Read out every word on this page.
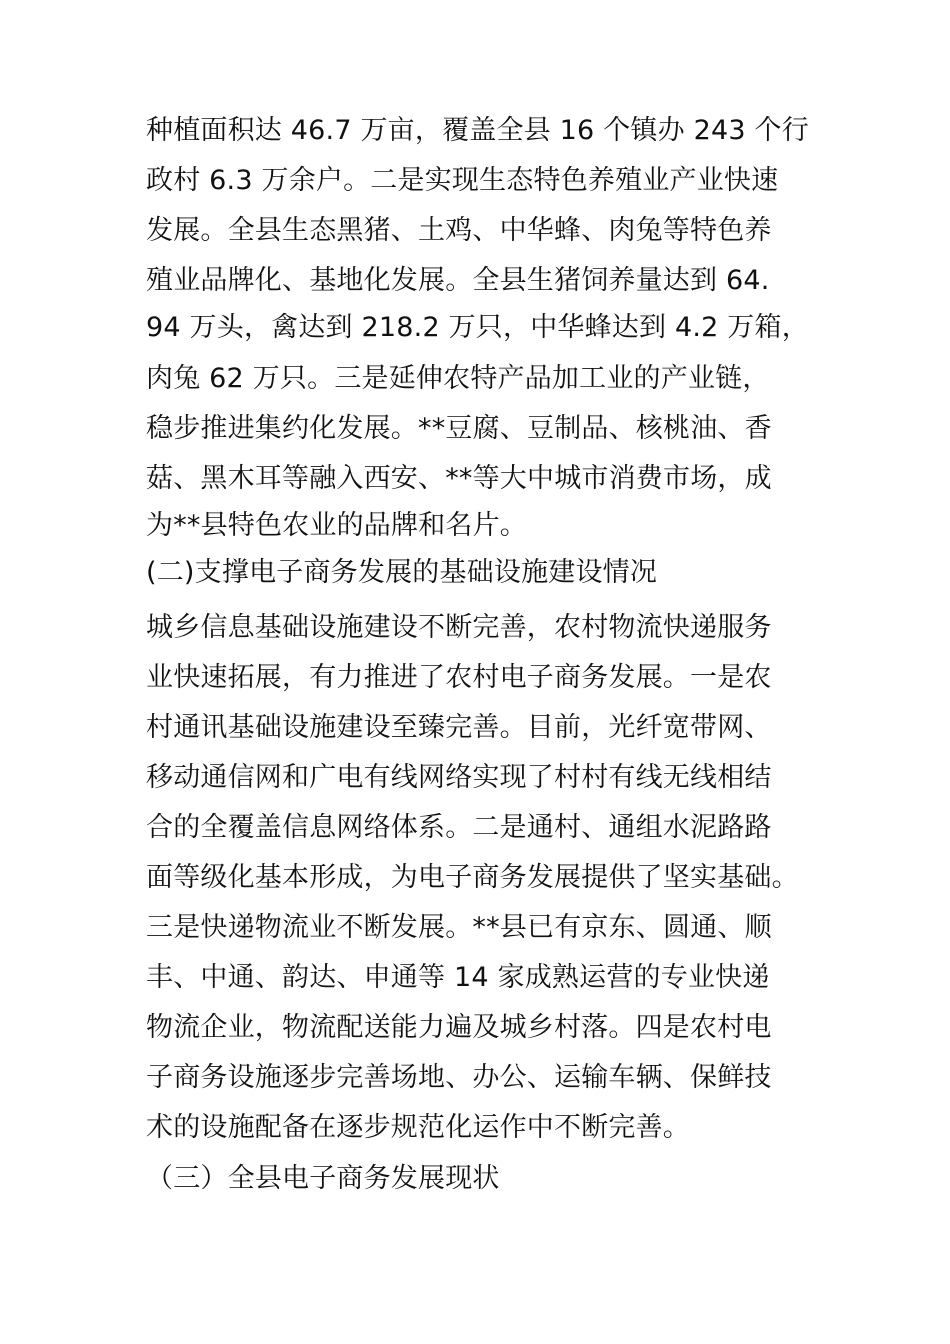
种植面积达 46.7 万亩，覆盖全县 16 个镇办 243 个行
政村 6.3 万余户。二是实现生态特色养殖业产业快速
发展。全县生态黑猪、土鸡、中华蜂、肉兔等特色养
殖业品牌化、基地化发展。全县生猪饲养量达到 64.
94 万头，禽达到 218.2 万只，中华蜂达到 4.2 万箱，
肉兔 62 万只。三是延伸农特产品加工业的产业链，
稳步推进集约化发展。**豆腐、豆制品、核桃油、香
菇、黑木耳等融入西安、**等大中城市消费市场，成
为**县特色农业的品牌和名片。
(二)支撑电子商务发展的基础设施建设情况
城乡信息基础设施建设不断完善，农村物流快递服务
业快速拓展，有力推进了农村电子商务发展。一是农
村通讯基础设施建设至臻完善。目前，光纤宽带网、
移动通信网和广电有线网络实现了村村有线无线相结
合的全覆盖信息网络体系。二是通村、通组水泥路路
面等级化基本形成，为电子商务发展提供了坚实基础。
三是快递物流业不断发展。**县已有京东、圆通、顺
丰、中通、韵达、申通等 14 家成熟运营的专业快递
物流企业，物流配送能力遍及城乡村落。四是农村电
子商务设施逐步完善场地、办公、运输车辆、保鲜技
术的设施配备在逐步规范化运作中不断完善。
（三）全县电子商务发展现状
